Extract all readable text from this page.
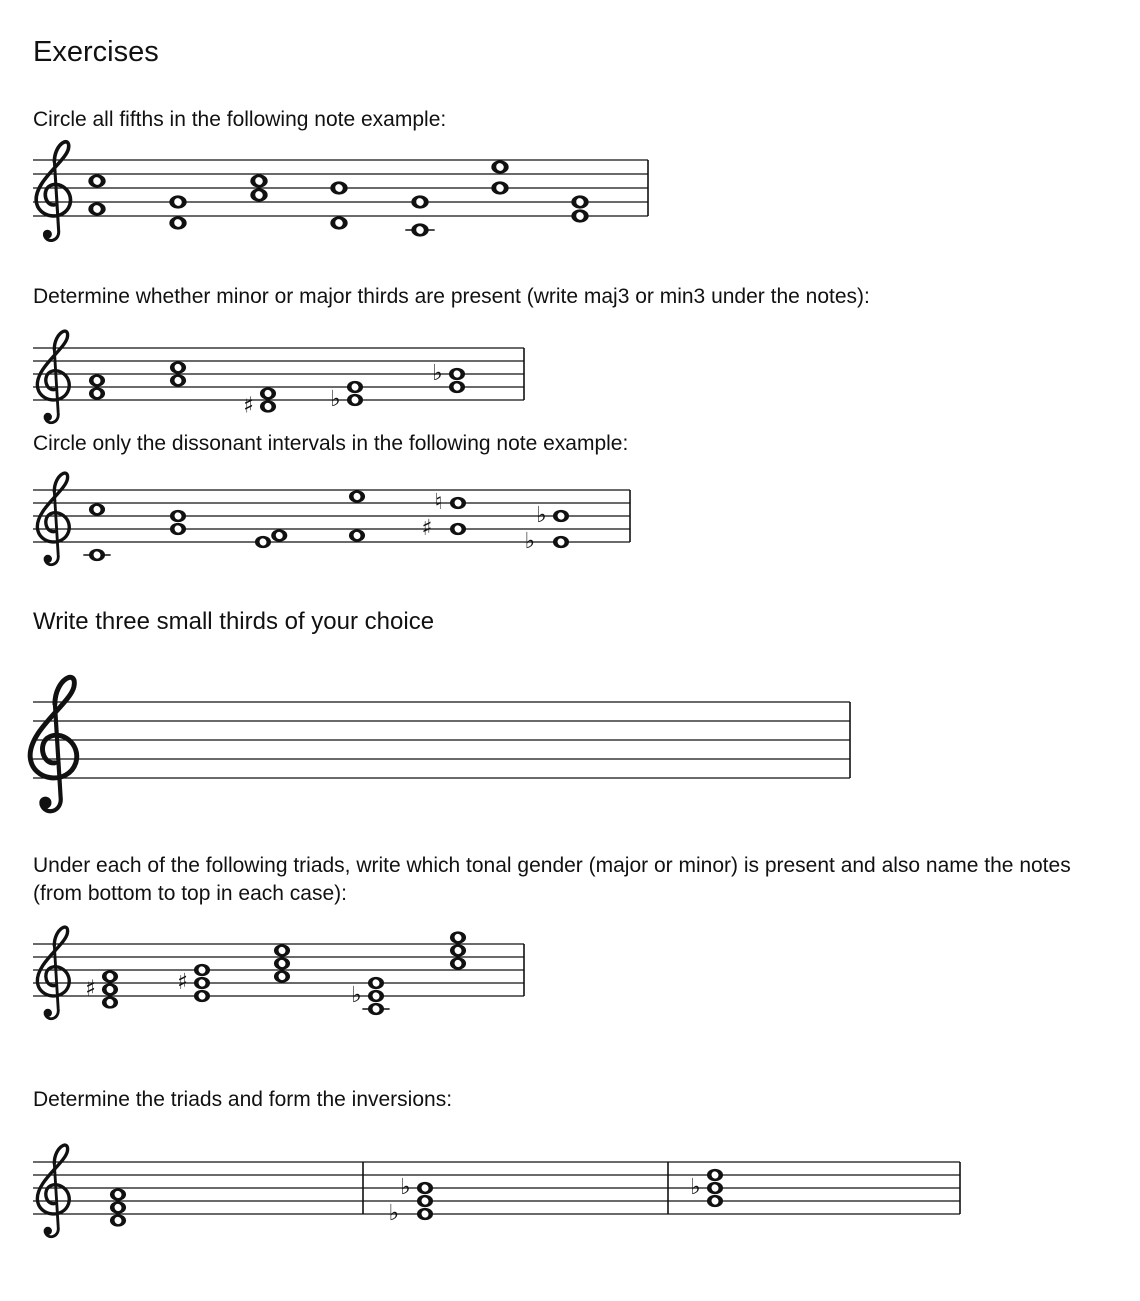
Exercises

Circle all fifths in the following note example:

Determine whether minor or major thirds are present (write maj3 or min3 under the notes):

♯	♭
♭

Circle only the dissonant intervals in the following note example:

♯
♮
♭
♭

Write three small thirds of your choice

Under each of the following triads, write which tonal gender (major or minor) is present and also name the notes (from bottom to top in each case):

♯	♯	♭

Determine the triads and form the inversions:

♭
♭	♭
